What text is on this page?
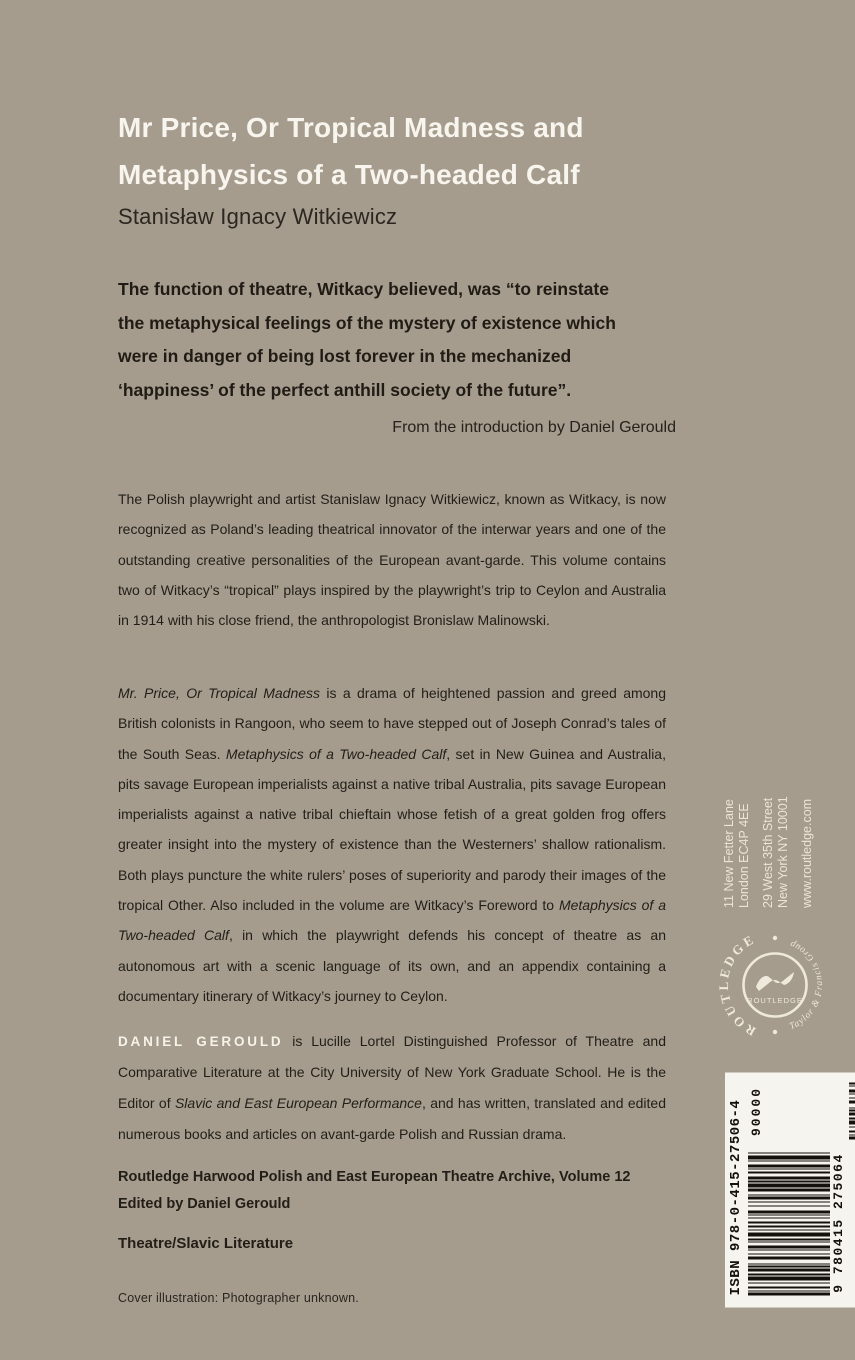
Mr Price, Or Tropical Madness and
Metaphysics of a Two-headed Calf
Stanisław Ignacy Witkiewicz
The function of theatre, Witkacy believed, was “to reinstate
the metaphysical feelings of the mystery of existence which
were in danger of being lost forever in the mechanized
‘happiness’ of the perfect anthill society of the future”.
From the introduction by Daniel Gerould

The Polish playwright and artist Stanislaw Ignacy Witkiewicz, known as Witkacy, is now recognized as Poland’s leading theatrical innovator of the interwar years and one of the outstanding creative personalities of the European avant-garde. This volume contains two of Witkacy’s “tropical” plays inspired by the playwright’s trip to Ceylon and Australia in 1914 with his close friend, the anthropologist Bronislaw Malinowski.

Mr. Price, Or Tropical Madness is a drama of heightened passion and greed among British colonists in Rangoon, who seem to have stepped out of Joseph Conrad’s tales of the South Seas. Metaphysics of a Two-headed Calf, set in New Guinea and Australia, pits savage European imperialists against a native tribal Australia, pits savage European imperialists against a native tribal chieftain whose fetish of a great golden frog offers greater insight into the mystery of existence than the Westerners’ shallow rationalism. Both plays puncture the white rulers’ poses of superiority and parody their images of the tropical Other. Also included in the volume are Witkacy’s Foreword to Metaphysics of a Two-headed Calf, in which the playwright defends his concept of theatre as an autonomous art with a scenic language of its own, and an appendix containing a documentary itinerary of Witkacy’s journey to Ceylon.

DANIEL GEROULD is Lucille Lortel Distinguished Professor of Theatre and Comparative Literature at the City University of New York Graduate School. He is the Editor of Slavic and East European Performance, and has written, translated and edited numerous books and articles on avant-garde Polish and Russian drama.

Routledge Harwood Polish and East European Theatre Archive, Volume 12
Edited by Daniel Gerould
Theatre/Slavic Literature
Cover illustration: Photographer unknown.
11 New Fetter Lane London EC4P 4EE 29 West 35th Street New York NY 10001 www.routledge.com
ROUTLEDGE
Taylor & Francis Group
ROUTLEDGE
ISBN 978-0-415-27506-4	9 780415 275064
90000
